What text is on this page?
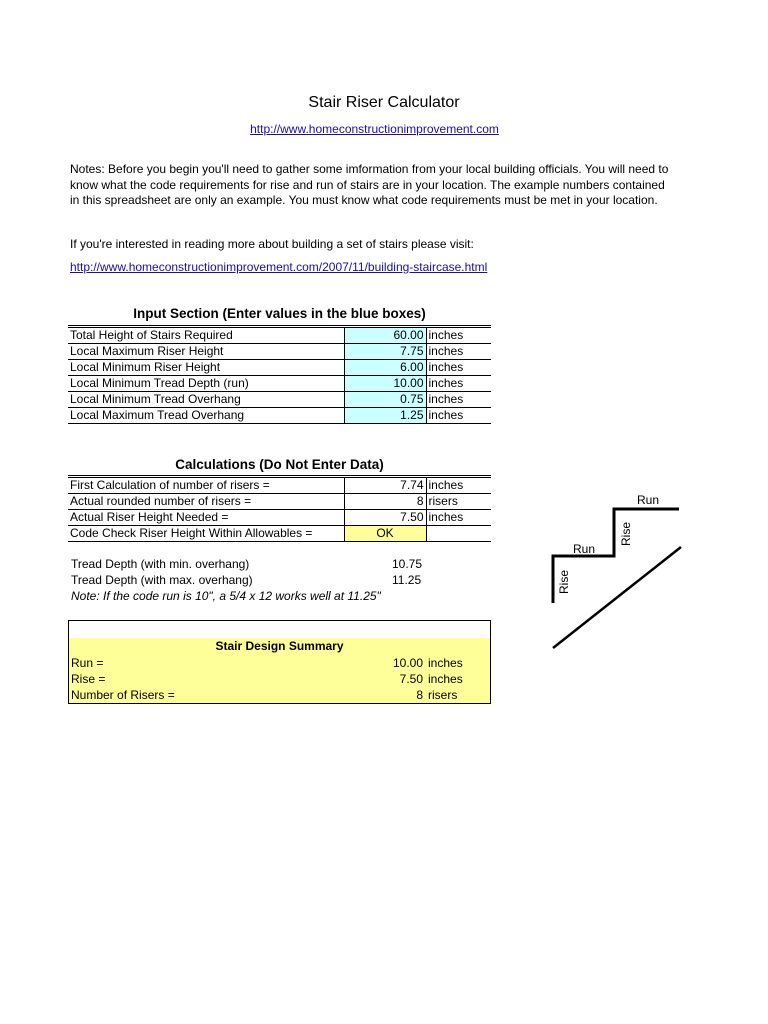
Stair Riser Calculator
http://www.homeconstructionimprovement.com
Notes: Before you begin you'll need to gather some imformation from your local building officials. You will need to know what the code requirements for rise and run of stairs are in your location. The example numbers contained in this spreadsheet are only an example. You must know what code requirements must be met in your location.
If you're interested in reading more about building a set of stairs please visit:
http://www.homeconstructionimprovement.com/2007/11/building-staircase.html
Input Section (Enter values in the blue boxes)
Total Height of Stairs Required	60.00	inches
Local Maximum Riser Height	7.75	inches
Local Minimum Riser Height	6.00	inches
Local Minimum Tread Depth (run)	10.00	inches
Local Minimum Tread Overhang	0.75	inches
Local Maximum Tread Overhang	1.25	inches
Calculations (Do Not Enter Data)
First Calculation of number of risers =	7.74	inches
Actual rounded number of risers =	8	risers
Actual Riser Height Needed =	7.50	inches
Code Check Riser Height Within Allowables =	OK	
Tread Depth (with min. overhang)	10.75
Tread Depth (with max. overhang)	11.25
Note: If the code run is 10", a 5/4 x 12 works well at 11.25"
Stair Design Summary
Run =	10.00 inches
Rise =	7.50 inches
Number of Risers =	8 risers
Run
Run
Rise
Rise
